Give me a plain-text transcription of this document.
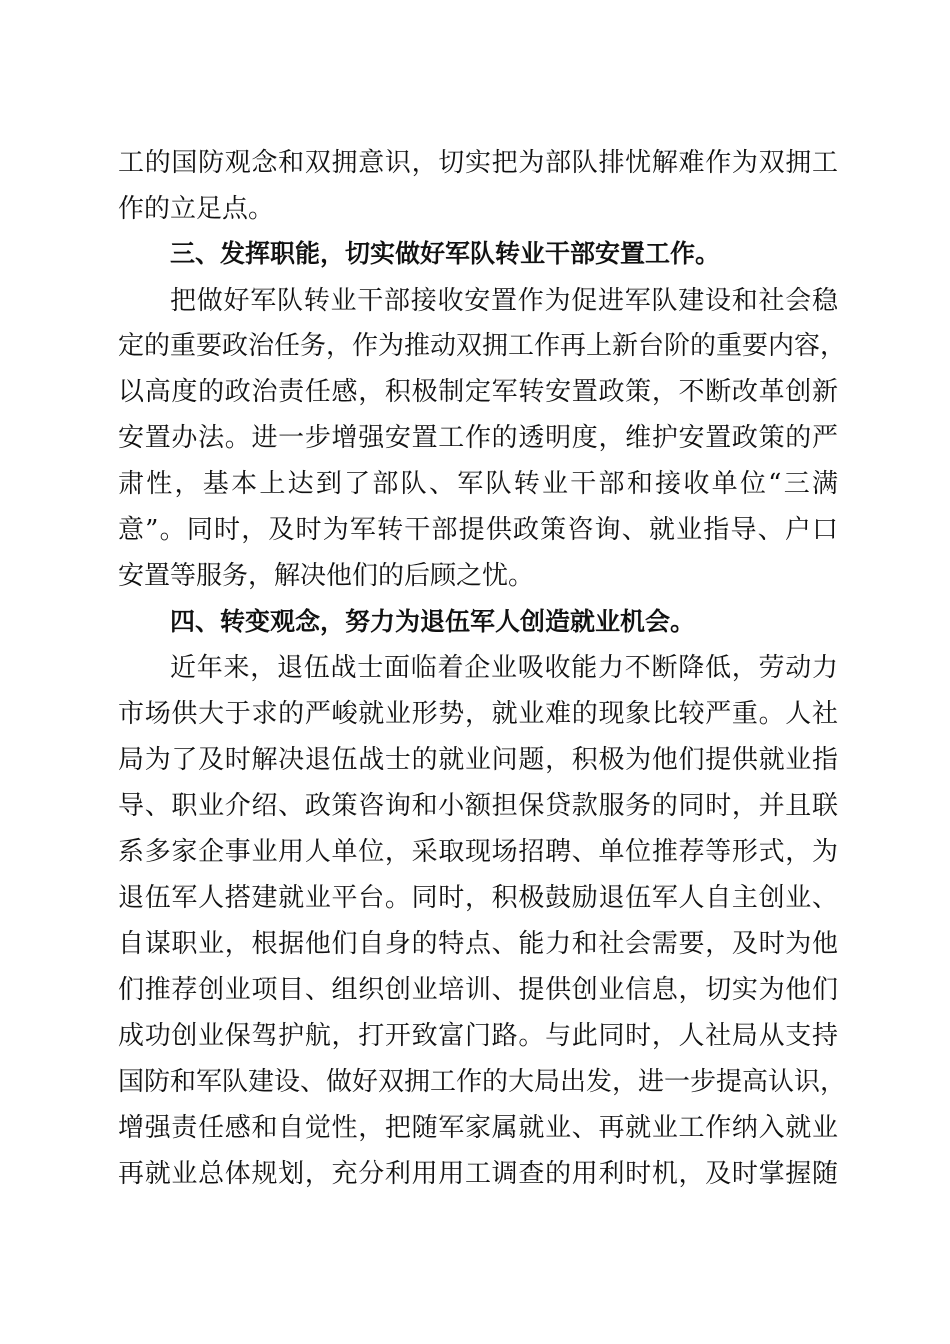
工的国防观念和双拥意识，切实把为部队排忧解难作为双拥工
作的立足点。
三、发挥职能，切实做好军队转业干部安置工作。
把做好军队转业干部接收安置作为促进军队建设和社会稳
定的重要政治任务，作为推动双拥工作再上新台阶的重要内容，
以高度的政治责任感，积极制定军转安置政策，不断改革创新
安置办法。进一步增强安置工作的透明度，维护安置政策的严
肃性，基本上达到了部队、军队转业干部和接收单位“三满
意”。同时，及时为军转干部提供政策咨询、就业指导、户口
安置等服务，解决他们的后顾之忧。
四、转变观念，努力为退伍军人创造就业机会。
近年来，退伍战士面临着企业吸收能力不断降低，劳动力
市场供大于求的严峻就业形势，就业难的现象比较严重。人社
局为了及时解决退伍战士的就业问题，积极为他们提供就业指
导、职业介绍、政策咨询和小额担保贷款服务的同时，并且联
系多家企事业用人单位，采取现场招聘、单位推荐等形式，为
退伍军人搭建就业平台。同时，积极鼓励退伍军人自主创业、
自谋职业，根据他们自身的特点、能力和社会需要，及时为他
们推荐创业项目、组织创业培训、提供创业信息，切实为他们
成功创业保驾护航，打开致富门路。与此同时，人社局从支持
国防和军队建设、做好双拥工作的大局出发，进一步提高认识，
增强责任感和自觉性，把随军家属就业、再就业工作纳入就业
再就业总体规划，充分利用用工调查的用利时机，及时掌握随
